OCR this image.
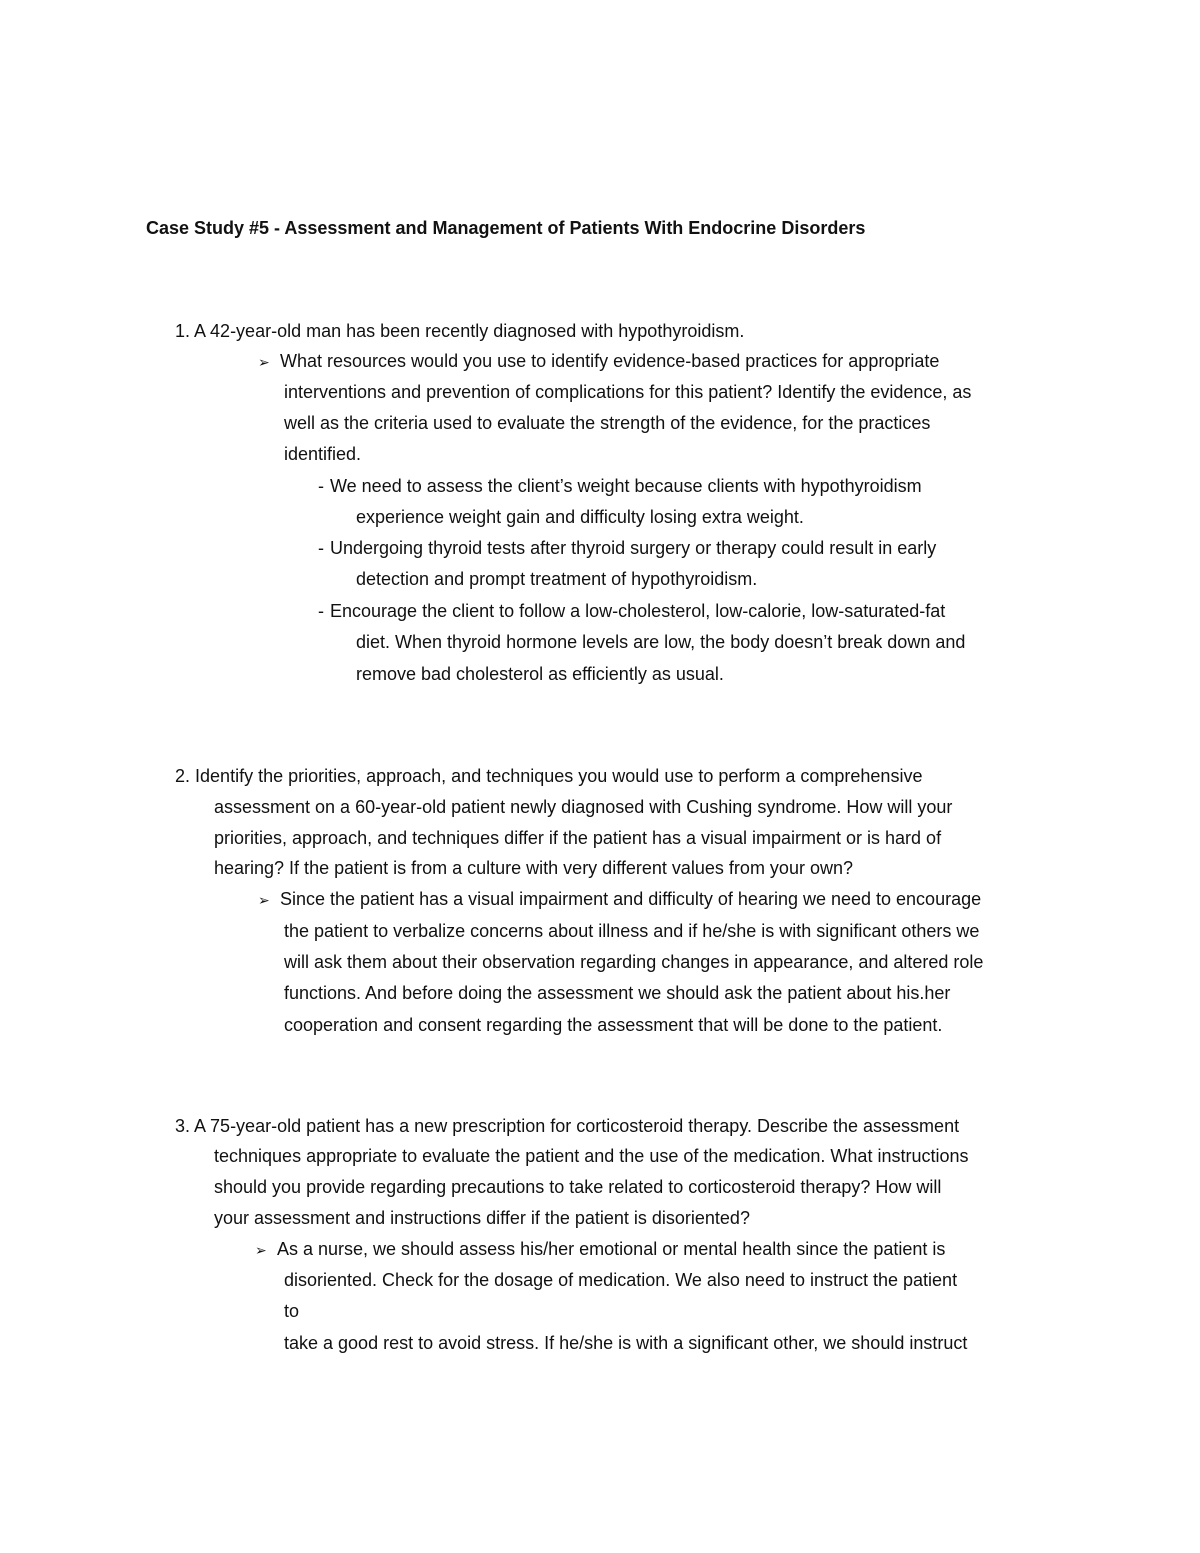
Case Study #5 - Assessment and Management of Patients With Endocrine Disorders
1. A 42-year-old man has been recently diagnosed with hypothyroidism.
➢ What resources would you use to identify evidence-based practices for appropriate
interventions and prevention of complications for this patient? Identify the evidence, as
well as the criteria used to evaluate the strength of the evidence, for the practices
identified.
- We need to assess the client’s weight because clients with hypothyroidism
experience weight gain and difficulty losing extra weight.
- Undergoing thyroid tests after thyroid surgery or therapy could result in early
detection and prompt treatment of hypothyroidism.
- Encourage the client to follow a low-cholesterol, low-calorie, low-saturated-fat
diet. When thyroid hormone levels are low, the body doesn’t break down and
remove bad cholesterol as efficiently as usual.
2. Identify the priorities, approach, and techniques you would use to perform a comprehensive
assessment on a 60-year-old patient newly diagnosed with Cushing syndrome. How will your
priorities, approach, and techniques differ if the patient has a visual impairment or is hard of
hearing? If the patient is from a culture with very different values from your own?
➢ Since the patient has a visual impairment and difficulty of hearing we need to encourage
the patient to verbalize concerns about illness and if he/she is with significant others we
will ask them about their observation regarding changes in appearance, and altered role
functions. And before doing the assessment we should ask the patient about his.her
cooperation and consent regarding the assessment that will be done to the patient.
3. A 75-year-old patient has a new prescription for corticosteroid therapy. Describe the assessment
techniques appropriate to evaluate the patient and the use of the medication. What instructions
should you provide regarding precautions to take related to corticosteroid therapy? How will
your assessment and instructions differ if the patient is disoriented?
➢ As a nurse, we should assess his/her emotional or mental health since the patient is
disoriented. Check for the dosage of medication. We also need to instruct the patient
to
take a good rest to avoid stress. If he/she is with a significant other, we should instruct
